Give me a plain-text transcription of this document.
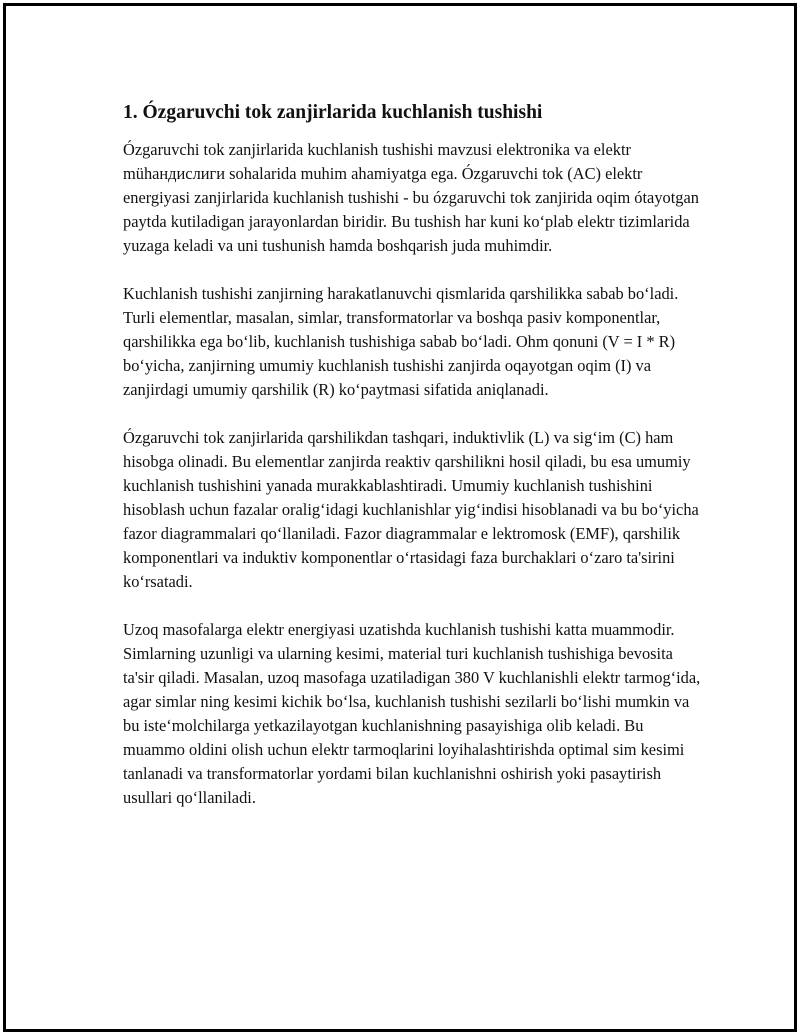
1. Ózgaruvchi tok zanjirlarida kuchlanish tushishi

Ózgaruvchi tok zanjirlarida kuchlanish tushishi mavzusi elektronika va elektr mühандислиги sohalarida muhim ahamiyatga ega. Ózgaruvchi tok (AC) elektr energiyasi zanjirlarida kuchlanish tushishi - bu ózgaruvchi tok zanjirida oqim ótayotgan paytda kutiladigan jarayonlardan biridir. Bu tushish har kuni ko‘plab elektr tizimlarida yuzaga keladi va uni tushunish hamda boshqarish juda muhimdir.

Kuchlanish tushishi zanjirning harakatlanuvchi qismlarida qarshilikka sabab bo‘ladi. Turli elementlar, masalan, simlar, transformatorlar va boshqa pasiv komponentlar, qarshilikka ega bo‘lib, kuchlanish tushishiga sabab bo‘ladi. Ohm qonuni (V = I * R) bo‘yicha, zanjirning umumiy kuchlanish tushishi zanjirda oqayotgan oqim (I) va zanjirdagi umumiy qarshilik (R) ko‘paytmasi sifatida aniqlanadi.

Ózgaruvchi tok zanjirlarida qarshilikdan tashqari, induktivlik (L) va sig‘im (C) ham hisobga olinadi. Bu elementlar zanjirda reaktiv qarshilikni hosil qiladi, bu esa umumiy kuchlanish tushishini yanada murakkablashtiradi. Umumiy kuchlanish tushishini hisoblash uchun fazalar oralig‘idagi kuchlanishlar yig‘indisi hisoblanadi va bu bo‘yicha fazor diagrammalari qo‘llaniladi. Fazor diagrammalar e lektromosk (EMF), qarshilik komponentlari va induktiv komponentlar o‘rtasidagi faza burchaklari o‘zaro ta'sirini ko‘rsatadi.

Uzoq masofalarga elektr energiyasi uzatishda kuchlanish tushishi katta muammodir. Simlarning uzunligi va ularning kesimi, material turi kuchlanish tushishiga bevosita ta'sir qiladi. Masalan, uzoq masofaga uzatiladigan 380 V kuchlanishli elektr tarmog‘ida, agar simlar ning kesimi kichik bo‘lsa, kuchlanish tushishi sezilarli bo‘lishi mumkin va bu iste‘molchilarga yetkazilayotgan kuchlanishning pasayishiga olib keladi. Bu muammo oldini olish uchun elektr tarmoqlarini loyihalashtirishda optimal sim kesimi tanlanadi va transformatorlar yordami bilan kuchlanishni oshirish yoki pasaytirish usullari qo‘llaniladi.
